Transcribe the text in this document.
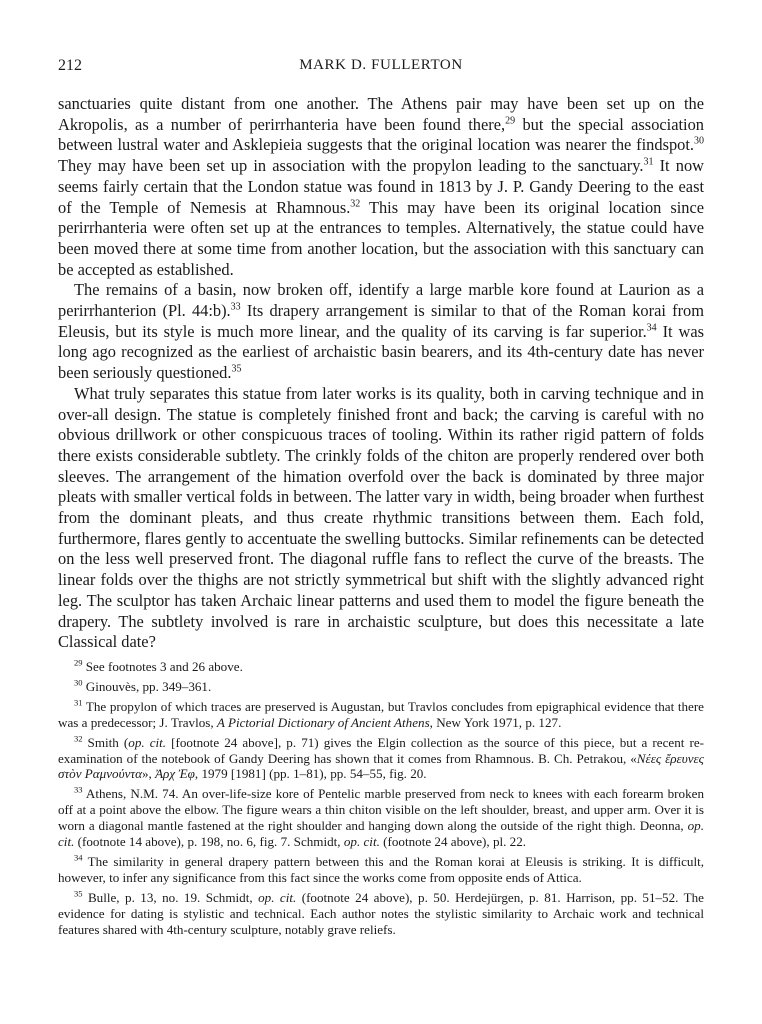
212	MARK D. FULLERTON

sanctuaries quite distant from one another. The Athens pair may have been set up on the Akropolis, as a number of perirrhanteria have been found there,$^{29}$ but the special association between lustral water and Asklepieia suggests that the original location was nearer the findspot.$^{30}$ They may have been set up in association with the propylon leading to the sanctuary.$^{31}$ It now seems fairly certain that the London statue was found in 1813 by J. P. Gandy Deering to the east of the Temple of Nemesis at Rhamnous.$^{32}$ This may have been its original location since perirrhanteria were often set up at the entrances to temples. Alternatively, the statue could have been moved there at some time from another location, but the association with this sanctuary can be accepted as established.

The remains of a basin, now broken off, identify a large marble kore found at Laurion as a perirrhanterion (Pl. 44:b).$^{33}$ Its drapery arrangement is similar to that of the Roman korai from Eleusis, but its style is much more linear, and the quality of its carving is far superior.$^{34}$ It was long ago recognized as the earliest of archaistic basin bearers, and its 4th-century date has never been seriously questioned.$^{35}$

What truly separates this statue from later works is its quality, both in carving technique and in over-all design. The statue is completely finished front and back; the carving is careful with no obvious drillwork or other conspicuous traces of tooling. Within its rather rigid pattern of folds there exists considerable subtlety. The crinkly folds of the chiton are properly rendered over both sleeves. The arrangement of the himation overfold over the back is dominated by three major pleats with smaller vertical folds in between. The latter vary in width, being broader when furthest from the dominant pleats, and thus create rhythmic transitions between them. Each fold, furthermore, flares gently to accentuate the swelling buttocks. Similar refinements can be detected on the less well preserved front. The diagonal ruffle fans to reflect the curve of the breasts. The linear folds over the thighs are not strictly symmetrical but shift with the slightly advanced right leg. The sculptor has taken Archaic linear patterns and used them to model the figure beneath the drapery. The subtlety involved is rare in archaistic sculpture, but does this necessitate a late Classical date?

$^{29}$ See footnotes 3 and 26 above.

$^{30}$ Ginouvès, pp. 349–361.

$^{31}$ The propylon of which traces are preserved is Augustan, but Travlos concludes from epigraphical evidence that there was a predecessor; J. Travlos, A Pictorial Dictionary of Ancient Athens, New York 1971, p. 127.

$^{32}$ Smith (op. cit. [footnote 24 above], p. 71) gives the Elgin collection as the source of this piece, but a recent re-examination of the notebook of Gandy Deering has shown that it comes from Rhamnous. B. Ch. Petrakou, «Νέες ἔρευνες στὸν Ραμνούντα», Ἀρχ Ἐφ, 1979 [1981] (pp. 1–81), pp. 54–55, fig. 20.

$^{33}$ Athens, N.M. 74. An over-life-size kore of Pentelic marble preserved from neck to knees with each forearm broken off at a point above the elbow. The figure wears a thin chiton visible on the left shoulder, breast, and upper arm. Over it is worn a diagonal mantle fastened at the right shoulder and hanging down along the outside of the right thigh. Deonna, op. cit. (footnote 14 above), p. 198, no. 6, fig. 7. Schmidt, op. cit. (footnote 24 above), pl. 22.

$^{34}$ The similarity in general drapery pattern between this and the Roman korai at Eleusis is striking. It is difficult, however, to infer any significance from this fact since the works come from opposite ends of Attica.

$^{35}$ Bulle, p. 13, no. 19. Schmidt, op. cit. (footnote 24 above), p. 50. Herdejürgen, p. 81. Harrison, pp. 51–52. The evidence for dating is stylistic and technical. Each author notes the stylistic similarity to Archaic work and technical features shared with 4th-century sculpture, notably grave reliefs.
